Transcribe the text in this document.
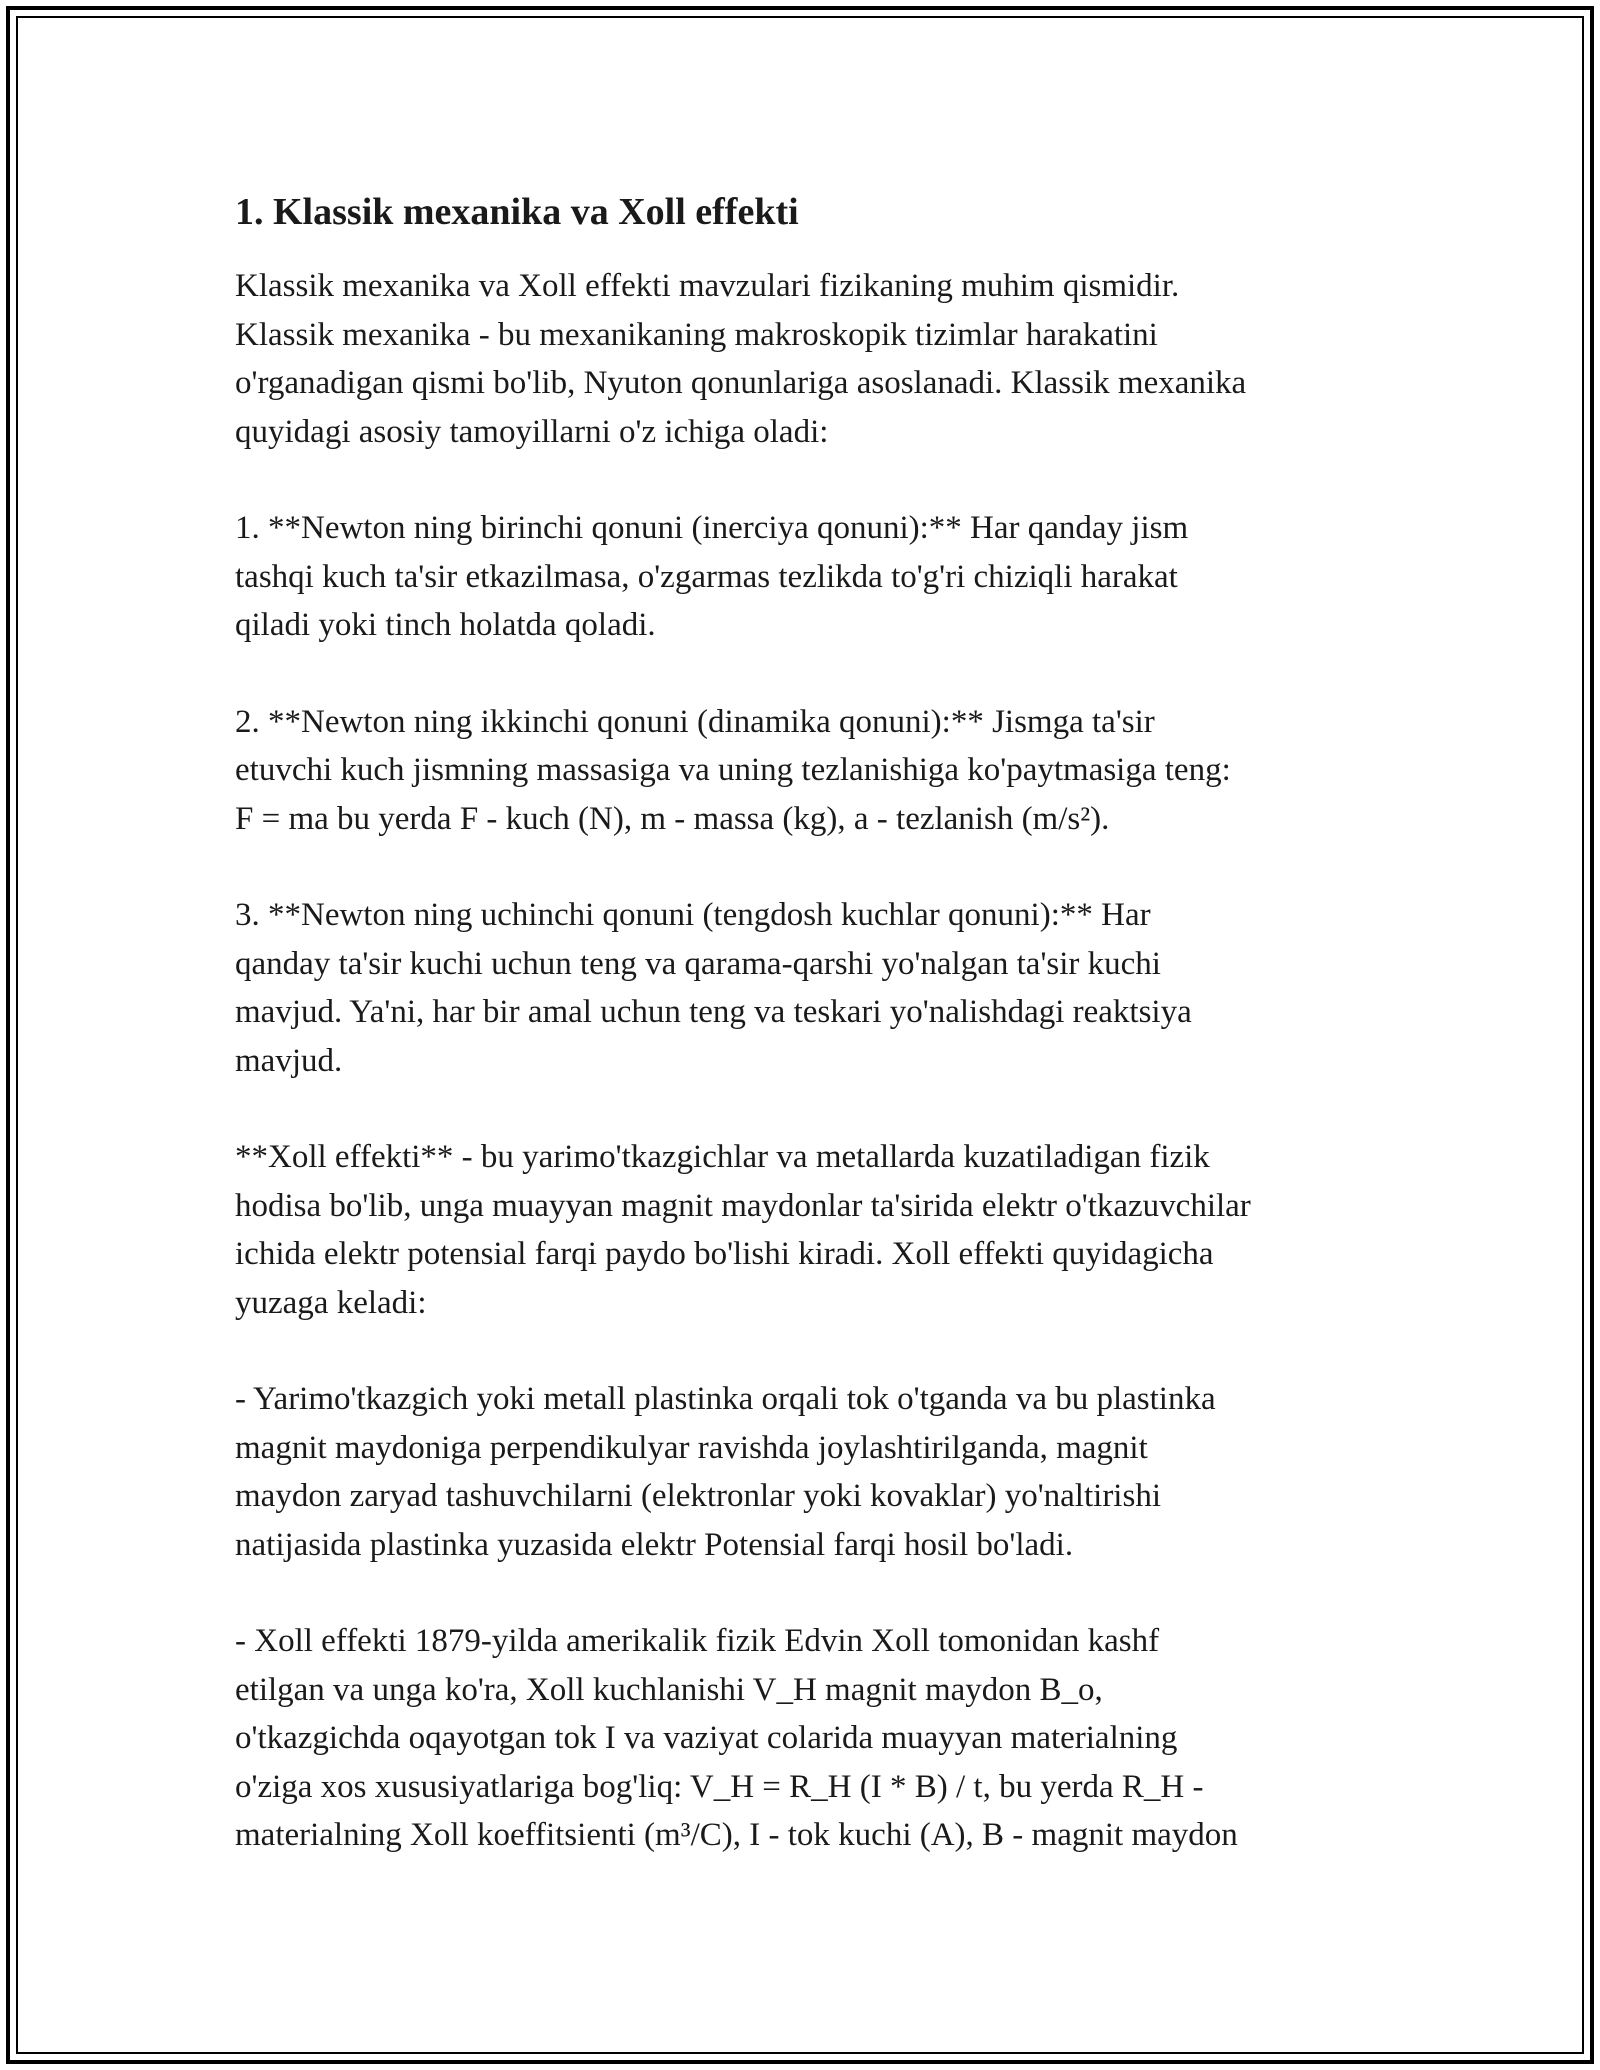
1. Klassik mexanika va Xoll effekti

Klassik mexanika va Xoll effekti mavzulari fizikaning muhim qismidir.
Klassik mexanika - bu mexanikaning makroskopik tizimlar harakatini
o'rganadigan qismi bo'lib, Nyuton qonunlariga asoslanadi. Klassik mexanika
quyidagi asosiy tamoyillarni o'z ichiga oladi:

1. **Newton ning birinchi qonuni (inerciya qonuni):** Har qanday jism
tashqi kuch ta'sir etkazilmasa, o'zgarmas tezlikda to'g'ri chiziqli harakat
qiladi yoki tinch holatda qoladi.

2. **Newton ning ikkinchi qonuni (dinamika qonuni):** Jismga ta'sir
etuvchi kuch jismning massasiga va uning tezlanishiga ko'paytmasiga teng:
F = ma bu yerda F - kuch (N), m - massa (kg), a - tezlanish (m/s²).

3. **Newton ning uchinchi qonuni (tengdosh kuchlar qonuni):** Har
qanday ta'sir kuchi uchun teng va qarama-qarshi yo'nalgan ta'sir kuchi
mavjud. Ya'ni, har bir amal uchun teng va teskari yo'nalishdagi reaktsiya
mavjud.

**Xoll effekti** - bu yarimo'tkazgichlar va metallarda kuzatiladigan fizik
hodisa bo'lib, unga muayyan magnit maydonlar ta'sirida elektr o'tkazuvchilar
ichida elektr potensial farqi paydo bo'lishi kiradi. Xoll effekti quyidagicha
yuzaga keladi:

- Yarimo'tkazgich yoki metall plastinka orqali tok o'tganda va bu plastinka
magnit maydoniga perpendikulyar ravishda joylashtirilganda, magnit
maydon zaryad tashuvchilarni (elektronlar yoki kovaklar) yo'naltirishi
natijasida plastinka yuzasida elektr Potensial farqi hosil bo'ladi.

- Xoll effekti 1879-yilda amerikalik fizik Edvin Xoll tomonidan kashf
etilgan va unga ko'ra, Xoll kuchlanishi V_H magnit maydon B_o,
o'tkazgichda oqayotgan tok I va vaziyat colarida muayyan materialning
o'ziga xos xususiyatlariga bog'liq: V_H = R_H (I * B) / t, bu yerda R_H -
materialning Xoll koeffitsienti (m³/C), I - tok kuchi (A), B - magnit maydon
